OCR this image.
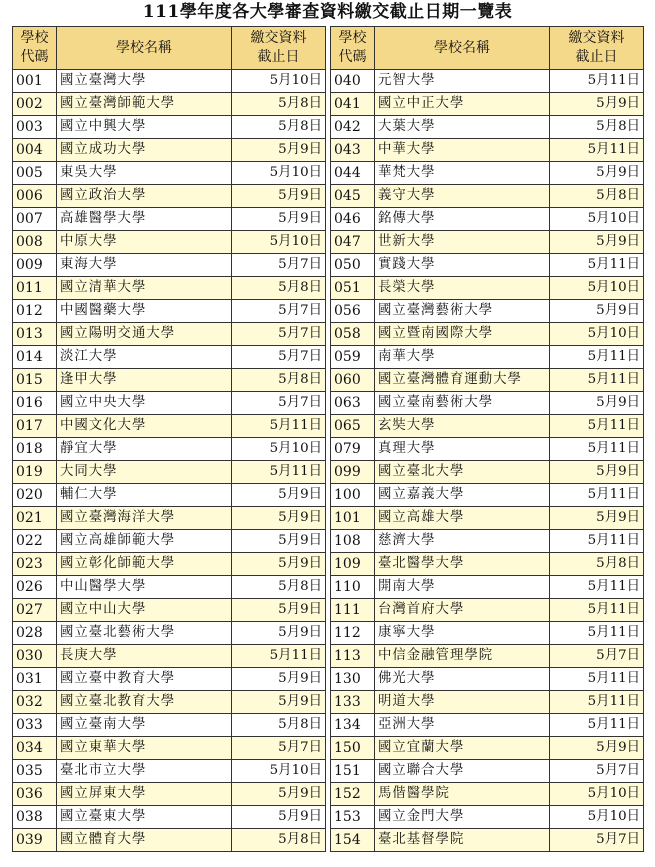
111學年度各大學審查資料繳交截止日期一覽表
學校
代碼	學校名稱	繳交資料
截止日
001	國立臺灣大學	5月10日
002	國立臺灣師範大學	5月8日
003	國立中興大學	5月8日
004	國立成功大學	5月9日
005	東吳大學	5月10日
006	國立政治大學	5月9日
007	高雄醫學大學	5月9日
008	中原大學	5月10日
009	東海大學	5月7日
011	國立清華大學	5月8日
012	中國醫藥大學	5月7日
013	國立陽明交通大學	5月7日
014	淡江大學	5月7日
015	逢甲大學	5月8日
016	國立中央大學	5月7日
017	中國文化大學	5月11日
018	靜宜大學	5月10日
019	大同大學	5月11日
020	輔仁大學	5月9日
021	國立臺灣海洋大學	5月9日
022	國立高雄師範大學	5月9日
023	國立彰化師範大學	5月9日
026	中山醫學大學	5月8日
027	國立中山大學	5月9日
028	國立臺北藝術大學	5月9日
030	長庚大學	5月11日
031	國立臺中教育大學	5月9日
032	國立臺北教育大學	5月9日
033	國立臺南大學	5月8日
034	國立東華大學	5月7日
035	臺北市立大學	5月10日
036	國立屏東大學	5月9日
038	國立臺東大學	5月9日
039	國立體育大學	5月8日
學校
代碼	學校名稱	繳交資料
截止日
040	元智大學	5月11日
041	國立中正大學	5月9日
042	大葉大學	5月8日
043	中華大學	5月11日
044	華梵大學	5月9日
045	義守大學	5月8日
046	銘傳大學	5月10日
047	世新大學	5月9日
050	實踐大學	5月11日
051	長榮大學	5月10日
056	國立臺灣藝術大學	5月9日
058	國立暨南國際大學	5月10日
059	南華大學	5月11日
060	國立臺灣體育運動大學	5月11日
063	國立臺南藝術大學	5月9日
065	玄奘大學	5月11日
079	真理大學	5月11日
099	國立臺北大學	5月9日
100	國立嘉義大學	5月11日
101	國立高雄大學	5月9日
108	慈濟大學	5月11日
109	臺北醫學大學	5月8日
110	開南大學	5月11日
111	台灣首府大學	5月11日
112	康寧大學	5月11日
113	中信金融管理學院	5月7日
130	佛光大學	5月11日
133	明道大學	5月11日
134	亞洲大學	5月11日
150	國立宜蘭大學	5月9日
151	國立聯合大學	5月7日
152	馬偕醫學院	5月10日
153	國立金門大學	5月10日
154	臺北基督學院	5月7日
